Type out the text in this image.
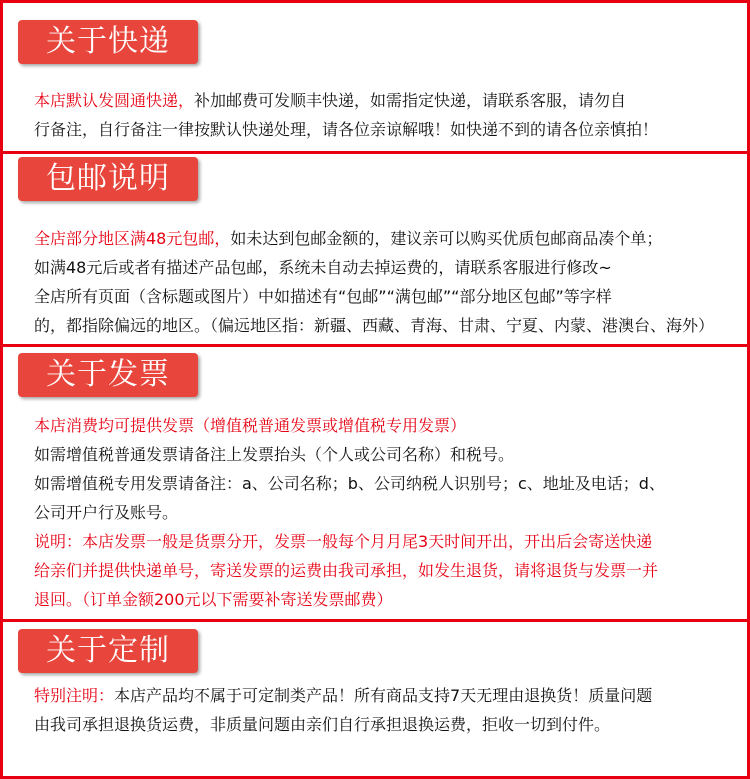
关于快递
本店默认发圆通快递，补加邮费可发顺丰快递，如需指定快递，请联系客服，请勿自
行备注，自行备注一律按默认快递处理，请各位亲谅解哦！如快递不到的请各位亲慎拍！
包邮说明
全店部分地区满48元包邮，如未达到包邮金额的，建议亲可以购买优质包邮商品凑个单；
如满48元后或者有描述产品包邮，系统未自动去掉运费的，请联系客服进行修改~
全店所有页面（含标题或图片）中如描述有“包邮”“满包邮”“部分地区包邮”等字样
的，都指除偏远的地区。（偏远地区指：新疆、西藏、青海、甘肃、宁夏、内蒙、港澳台、海外）
关于发票
本店消费均可提供发票（增值税普通发票或增值税专用发票）
如需增值税普通发票请备注上发票抬头（个人或公司名称）和税号。
如需增值税专用发票请备注：a、公司名称；b、公司纳税人识别号；c、地址及电话；d、
公司开户行及账号。
说明：本店发票一般是货票分开，发票一般每个月月尾3天时间开出，开出后会寄送快递
给亲们并提供快递单号，寄送发票的运费由我司承担，如发生退货，请将退货与发票一并
退回。（订单金额200元以下需要补寄送发票邮费）
关于定制
特别注明：本店产品均不属于可定制类产品！所有商品支持7天无理由退换货！质量问题
由我司承担退换货运费，非质量问题由亲们自行承担退换运费，拒收一切到付件。
